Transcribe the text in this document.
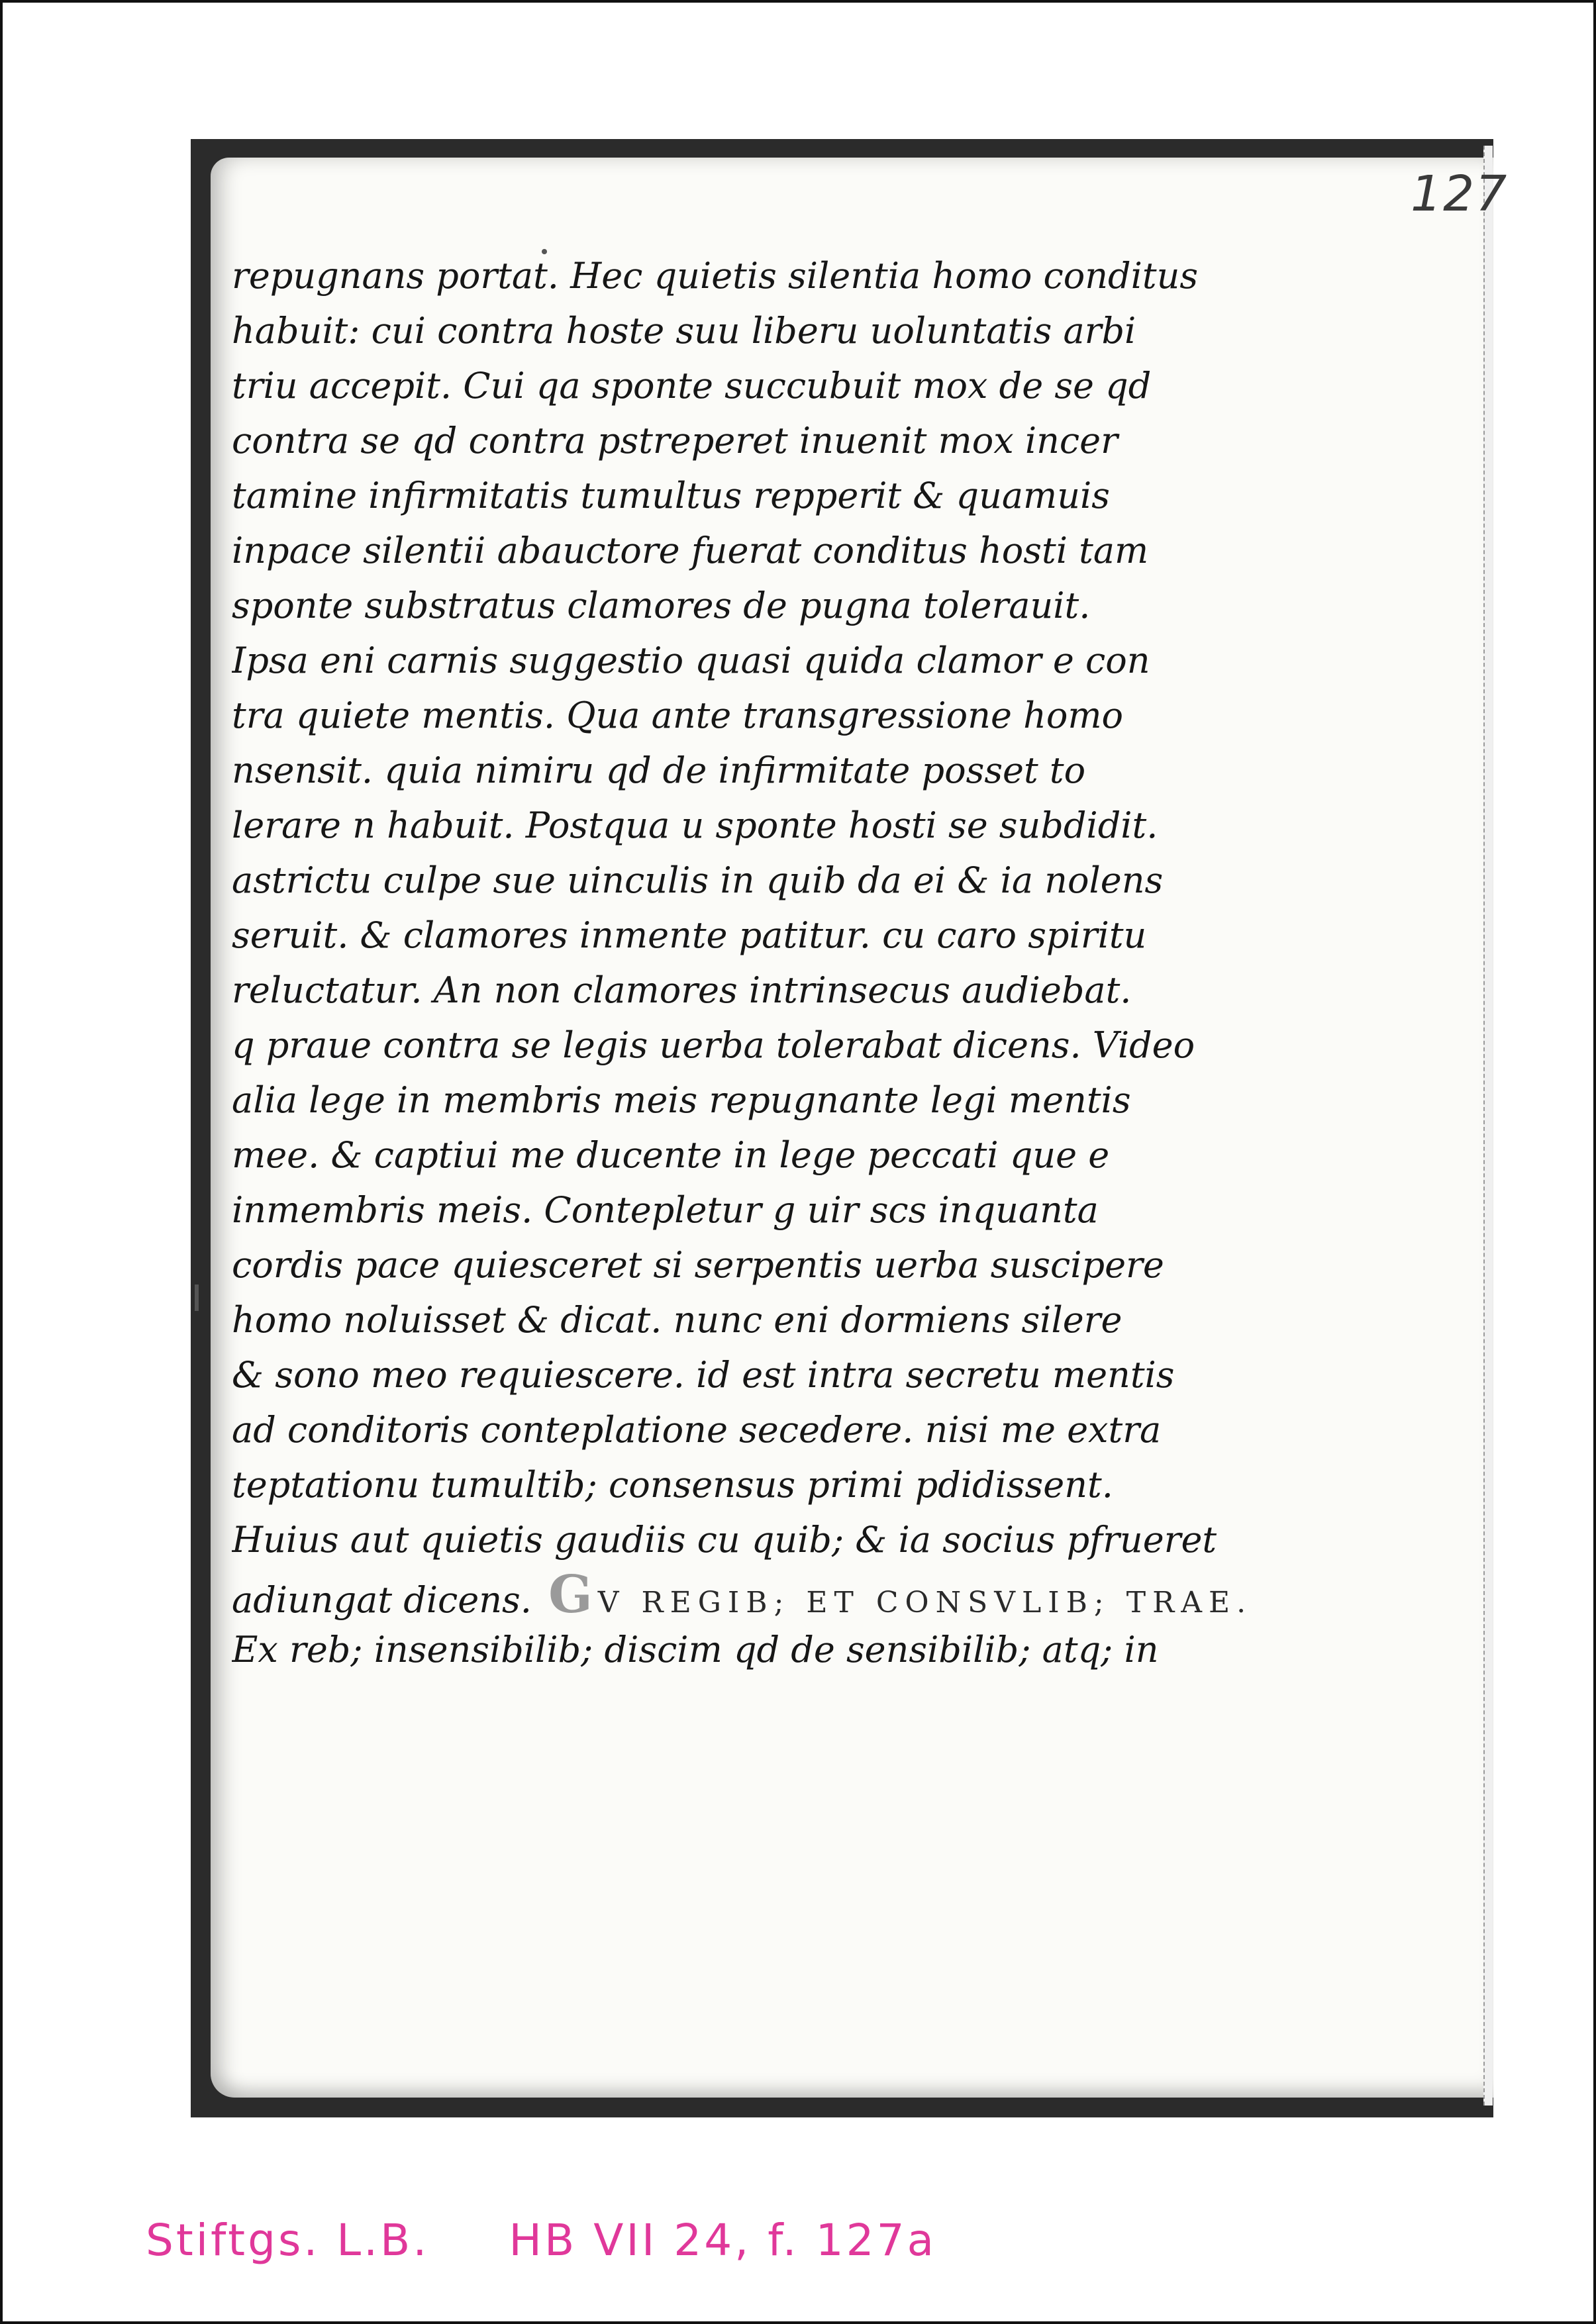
127
repugnans portat. Hec quietis silentia homo conditus
habuit: cui contra hoste suu liberu uoluntatis arbi
triu accepit. Cui qa sponte succubuit mox de se qd
contra se qd contra pstreperet inuenit mox incer
tamine infirmitatis tumultus repperit & quamuis
inpace silentii abauctore fuerat conditus hosti tam
sponte substratus clamores de pugna tolerauit.
Ipsa eni carnis suggestio quasi quida clamor e con
tra quiete mentis. Qua ante transgressione homo
nsensit. quia nimiru qd de infirmitate posset to
lerare n habuit. Postqua u sponte hosti se subdidit.
astrictu culpe sue uinculis in quib da ei & ia nolens
seruit. & clamores inmente patitur. cu caro spiritu
reluctatur. An non clamores intrinsecus audiebat.
q praue contra se legis uerba tolerabat dicens. Video
alia lege in membris meis repugnante legi mentis
mee. & captiui me ducente in lege peccati que e
inmembris meis. Contepletur g uir scs inquanta
cordis pace quiesceret si serpentis uerba suscipere
homo noluisset & dicat. nunc eni dormiens silere
& sono meo requiescere. id est intra secretu mentis
ad conditoris conteplatione secedere. nisi me extra
teptationu tumultib; consensus primi pdidissent.
Huius aut quietis gaudiis cu quib; & ia socius pfrueret
adiungat dicens. G V REGIB; ET CONSVLIB; TRAE.
Ex reb; insensibilib; discim qd de sensibilib; atq; in
Stiftgs. L.B. HB VII 24, f. 127a
